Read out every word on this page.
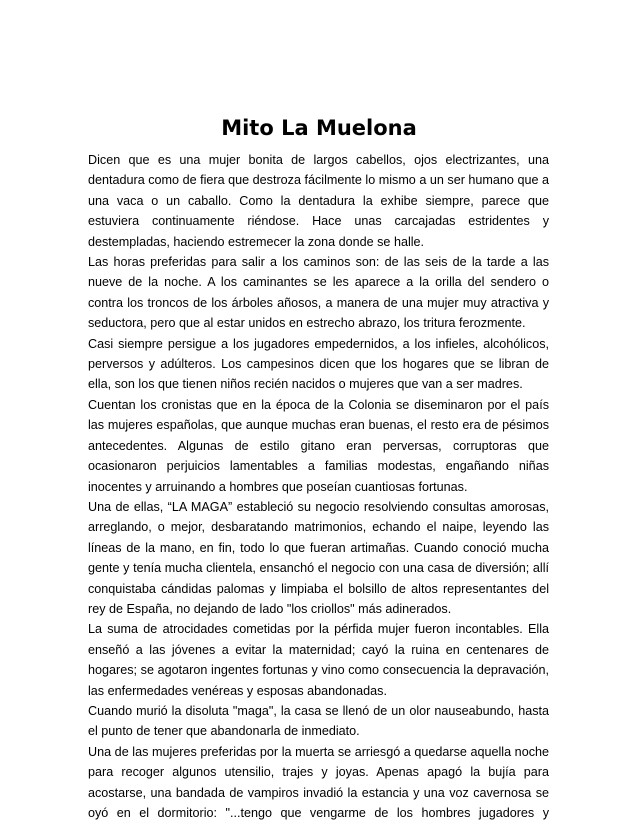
Mito La Muelona

Dicen que es una mujer bonita de largos cabellos, ojos electrizantes, una dentadura como de fiera que destroza fácilmente lo mismo a un ser humano que a una vaca o un caballo. Como la dentadura la exhibe siempre, parece que estuviera continuamente riéndose. Hace unas carcajadas estridentes y destempladas, haciendo estremecer la zona donde se halle.

Las horas preferidas para salir a los caminos son: de las seis de la tarde a las nueve de la noche. A los caminantes se les aparece a la orilla del sendero o contra los troncos de los árboles añosos, a manera de una mujer muy atractiva y seductora, pero que al estar unidos en estrecho abrazo, los tritura ferozmente.

Casi siempre persigue a los jugadores empedernidos, a los infieles, alcohólicos, perversos y adúlteros. Los campesinos dicen que los hogares que se libran de ella, son los que tienen niños recién nacidos o mujeres que van a ser madres.

Cuentan los cronistas que en la época de la Colonia se diseminaron por el país las mujeres españolas, que aunque muchas eran buenas, el resto era de pésimos antecedentes. Algunas de estilo gitano eran perversas, corruptoras que ocasionaron perjuicios lamentables a familias modestas, engañando niñas inocentes y arruinando a hombres que poseían cuantiosas fortunas.

Una de ellas, “LA MAGA” estableció su negocio resolviendo consultas amorosas, arreglando, o mejor, desbaratando matrimonios, echando el naipe, leyendo las líneas de la mano, en fin, todo lo que fueran artimañas. Cuando conoció mucha gente y tenía mucha clientela, ensanchó el negocio con una casa de diversión; allí conquistaba cándidas palomas y limpiaba el bolsillo de altos representantes del rey de España, no dejando de lado "los criollos" más adinerados.

La suma de atrocidades cometidas por la pérfida mujer fueron incontables. Ella enseñó a las jóvenes a evitar la maternidad; cayó la ruina en centenares de hogares; se agotaron ingentes fortunas y vino como consecuencia la depravación, las enfermedades venéreas y esposas abandonadas.

Cuando murió la disoluta "maga", la casa se llenó de un olor nauseabundo, hasta el punto de tener que abandonarla de inmediato.

Una de las mujeres preferidas por la muerta se arriesgó a quedarse aquella noche para recoger algunos utensilio, trajes y joyas. Apenas apagó la bujía para acostarse, una bandada de vampiros invadió la estancia y una voz cavernosa se oyó en el dormitorio: "...tengo que vengarme de los hombres jugadores y
